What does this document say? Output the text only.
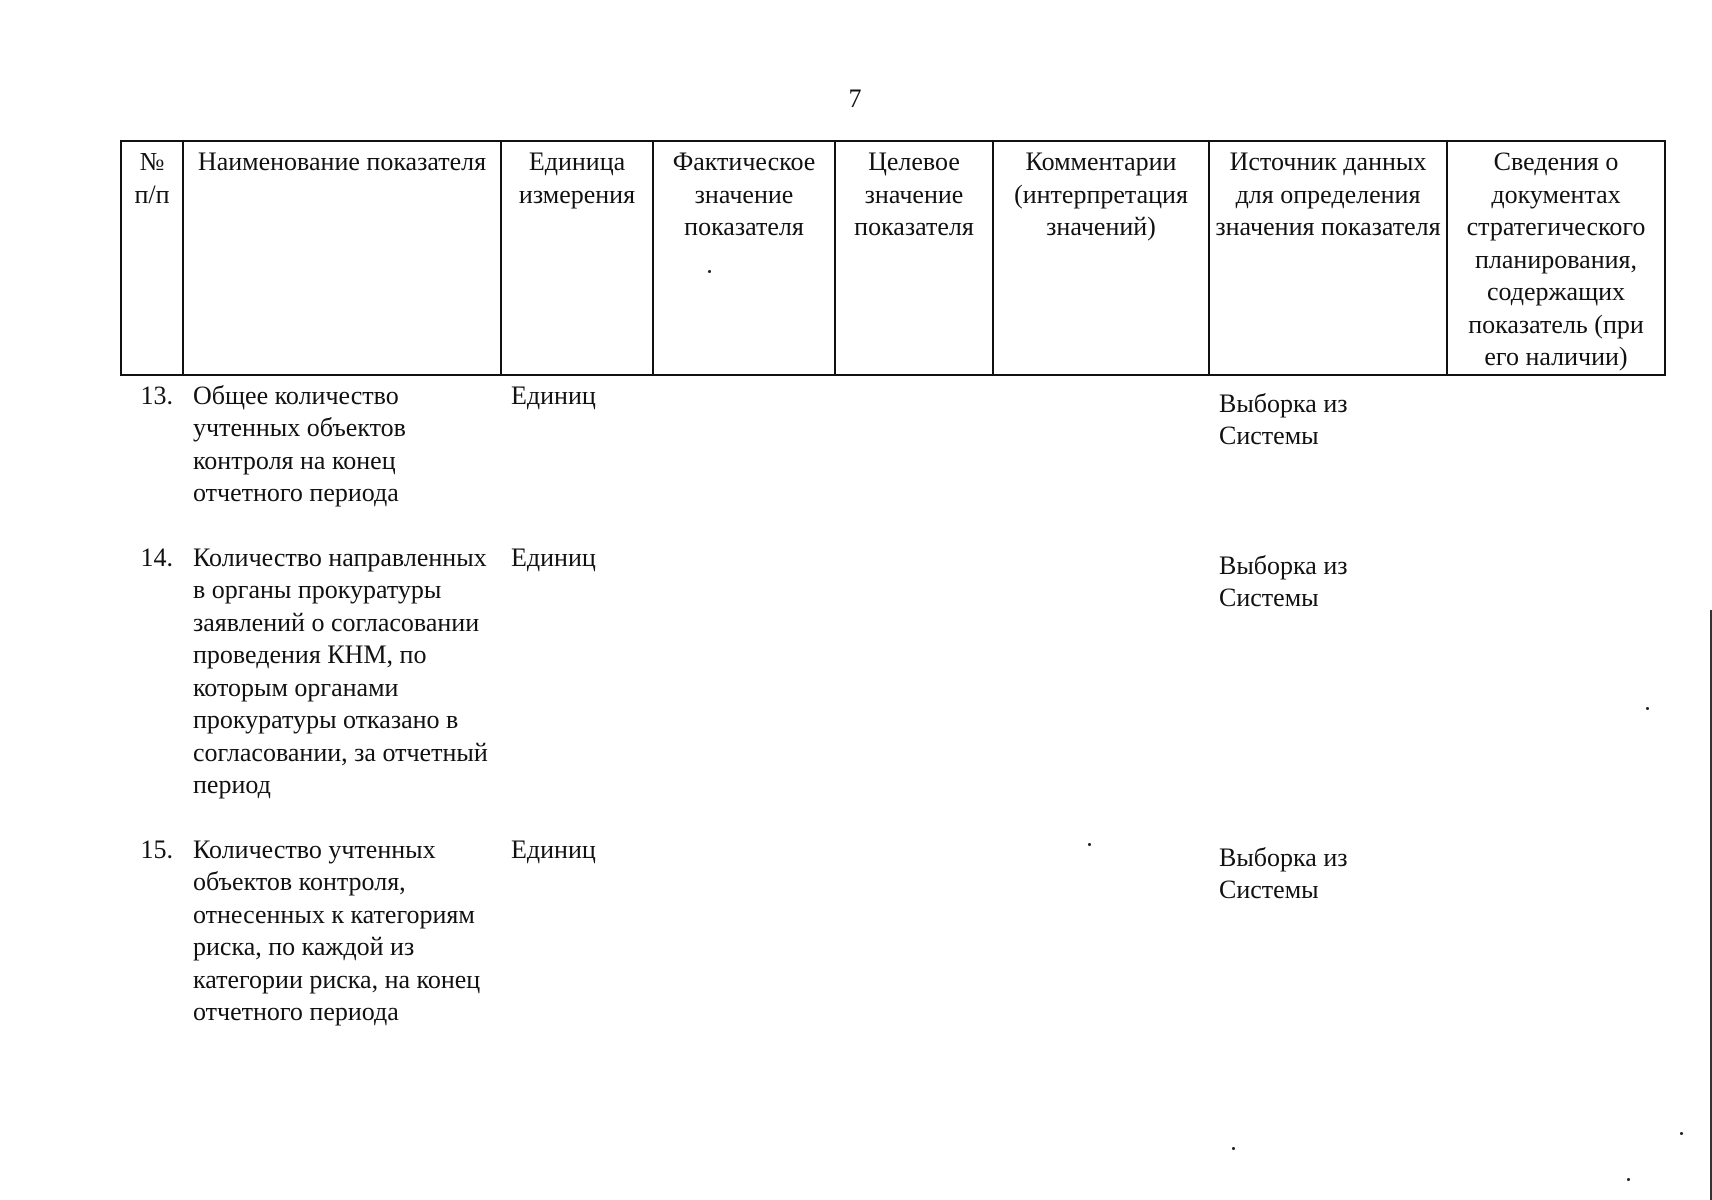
7
№ п/п	Наименование показателя	Единица измерения	Фактическое значение показателя	Целевое значение показателя	Комментарии (интерпретация значений)	Источник данных для определения значения показателя	Сведения о документах стратегического планирования, содержащих показатель (при его наличии)
13.	Общее количество учтенных объектов контроля на конец отчетного периода	Единиц				Выборка из Системы	
14.	Количество направленных в органы прокуратуры заявлений о согласовании проведения КНМ, по которым органами прокуратуры отказано в согласовании, за отчетный период	Единиц				Выборка из Системы	
15.	Количество учтенных объектов контроля, отнесенных к категориям риска, по каждой из категории риска, на конец отчетного периода	Единиц				Выборка из Системы	
